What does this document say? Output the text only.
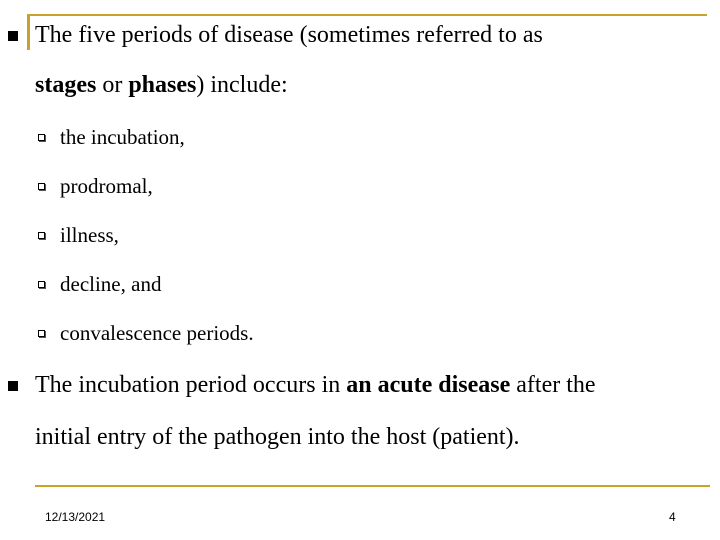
The five periods of disease (sometimes referred to as
stages or phases) include:
the incubation,
prodromal,
illness,
decline, and
convalescence periods.
The incubation period occurs in an acute disease after the
initial entry of the pathogen into the host (patient).
12/13/2021	4
